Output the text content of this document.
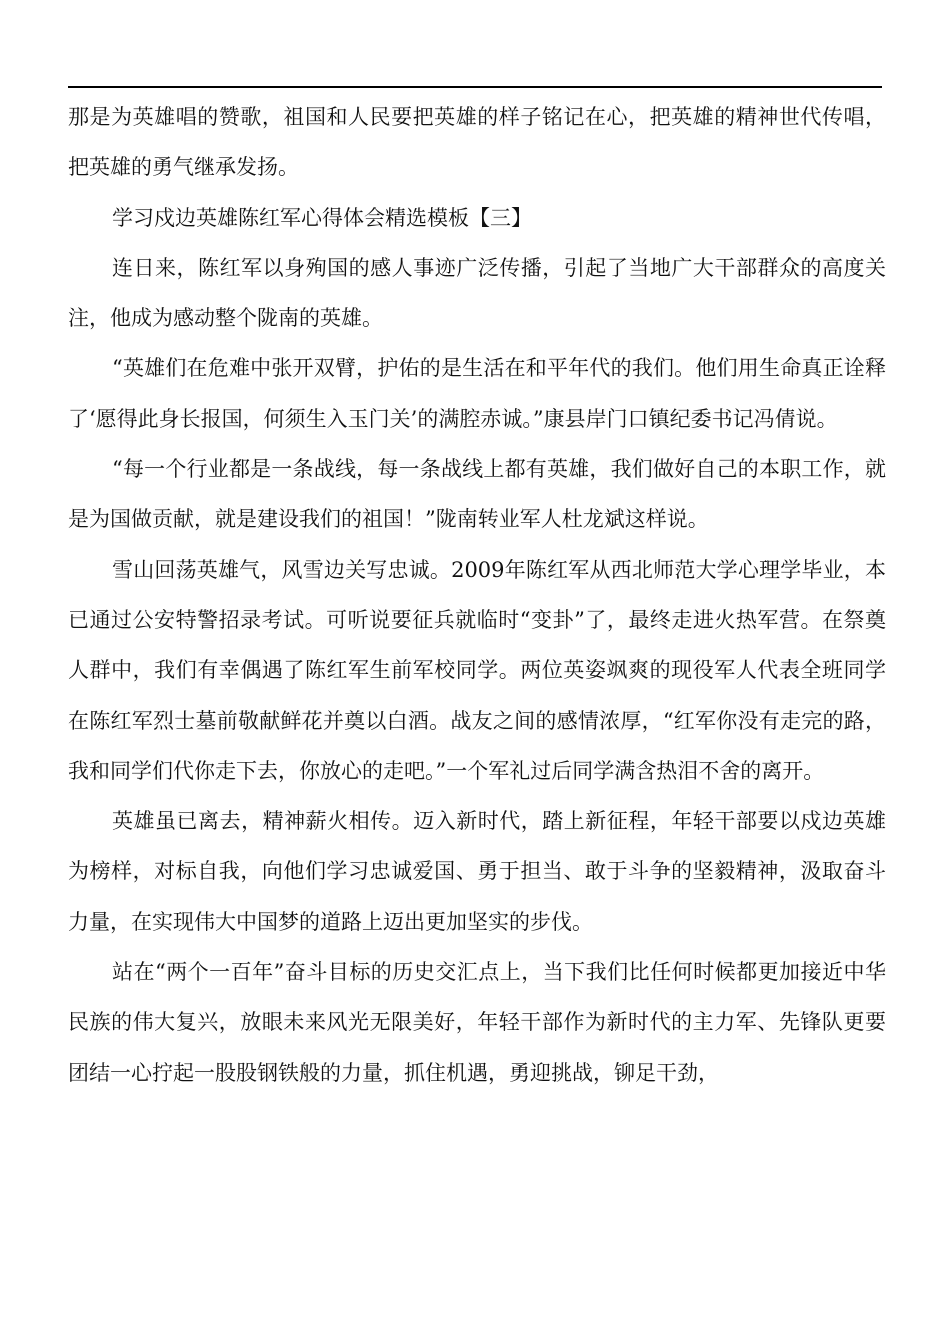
那是为英雄唱的赞歌，祖国和人民要把英雄的样子铭记在心，把英雄的精神世代传唱，把英雄的勇气继承发扬。

学习戍边英雄陈红军心得体会精选模板【三】

连日来，陈红军以身殉国的感人事迹广泛传播，引起了当地广大干部群众的高度关注，他成为感动整个陇南的英雄。

“英雄们在危难中张开双臂，护佑的是生活在和平年代的我们。他们用生命真正诠释了‘愿得此身长报国，何须生入玉门关’的满腔赤诚。”康县岸门口镇纪委书记冯倩说。

“每一个行业都是一条战线，每一条战线上都有英雄，我们做好自己的本职工作，就是为国做贡献，就是建设我们的祖国！”陇南转业军人杜龙斌这样说。

雪山回荡英雄气，风雪边关写忠诚。2009年陈红军从西北师范大学心理学毕业，本已通过公安特警招录考试。可听说要征兵就临时“变卦”了，最终走进火热军营。在祭奠人群中，我们有幸偶遇了陈红军生前军校同学。两位英姿飒爽的现役军人代表全班同学在陈红军烈士墓前敬献鲜花并奠以白酒。战友之间的感情浓厚，“红军你没有走完的路，我和同学们代你走下去，你放心的走吧。”一个军礼过后同学满含热泪不舍的离开。

英雄虽已离去，精神薪火相传。迈入新时代，踏上新征程，年轻干部要以戍边英雄为榜样，对标自我，向他们学习忠诚爱国、勇于担当、敢于斗争的坚毅精神，汲取奋斗力量，在实现伟大中国梦的道路上迈出更加坚实的步伐。

站在“两个一百年”奋斗目标的历史交汇点上，当下我们比任何时候都更加接近中华民族的伟大复兴，放眼未来风光无限美好，年轻干部作为新时代的主力军、先锋队更要团结一心拧起一股股钢铁般的力量，抓住机遇，勇迎挑战，铆足干劲，
